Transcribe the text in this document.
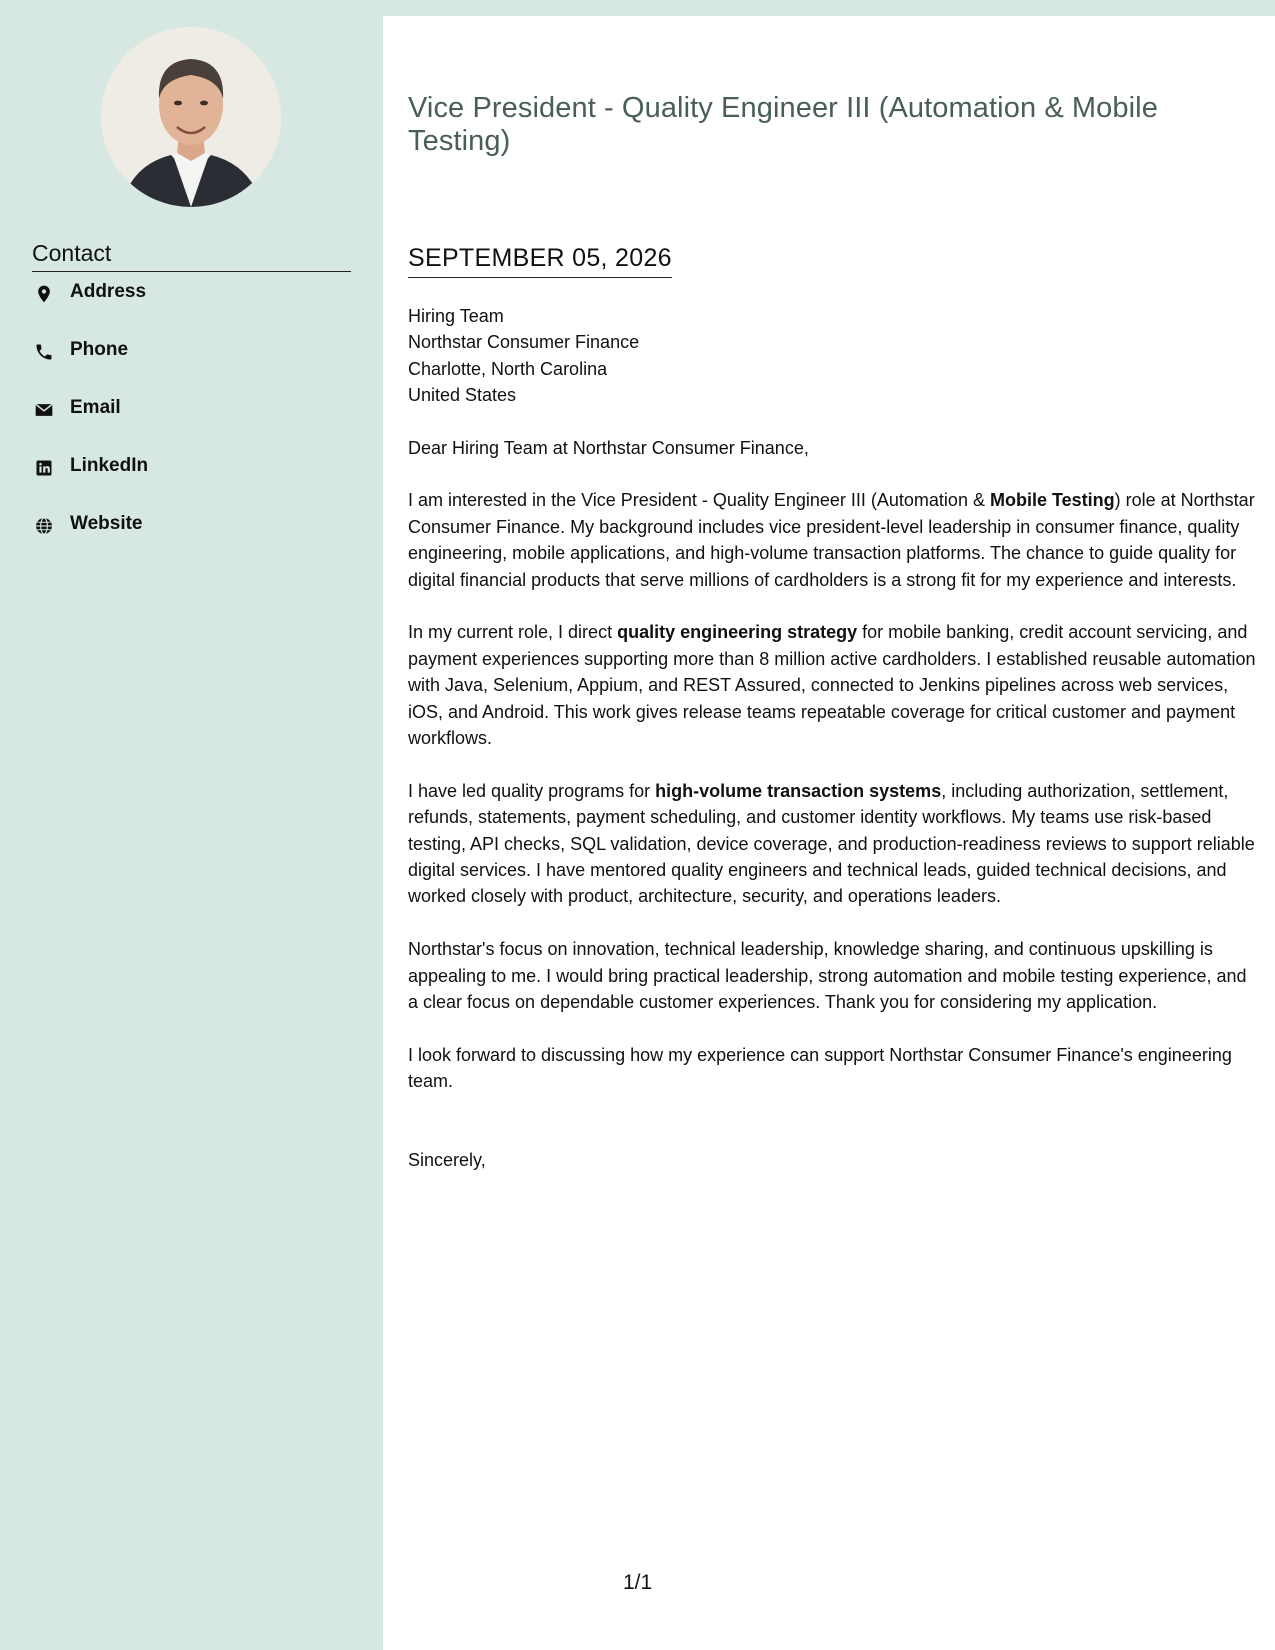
Contact
Address
Phone
Email
LinkedIn
Website
Vice President - Quality Engineer III (Automation & Mobile Testing)
SEPTEMBER 05, 2026
Hiring Team
Northstar Consumer Finance
Charlotte, North Carolina
United States

Dear Hiring Team at Northstar Consumer Finance,

I am interested in the Vice President - Quality Engineer III (Automation & Mobile Testing) role at Northstar Consumer Finance. My background includes vice president-level leadership in consumer finance, quality engineering, mobile applications, and high-volume transaction platforms. The chance to guide quality for digital financial products that serve millions of cardholders is a strong fit for my experience and interests.

In my current role, I direct quality engineering strategy for mobile banking, credit account servicing, and payment experiences supporting more than 8 million active cardholders. I established reusable automation with Java, Selenium, Appium, and REST Assured, connected to Jenkins pipelines across web services, iOS, and Android. This work gives release teams repeatable coverage for critical customer and payment workflows.

I have led quality programs for high-volume transaction systems, including authorization, settlement, refunds, statements, payment scheduling, and customer identity workflows. My teams use risk-based testing, API checks, SQL validation, device coverage, and production-readiness reviews to support reliable digital services. I have mentored quality engineers and technical leads, guided technical decisions, and worked closely with product, architecture, security, and operations leaders.

Northstar's focus on innovation, technical leadership, knowledge sharing, and continuous upskilling is appealing to me. I would bring practical leadership, strong automation and mobile testing experience, and a clear focus on dependable customer experiences. Thank you for considering my application.

I look forward to discussing how my experience can support Northstar Consumer Finance's engineering team.

Sincerely,

1/1
